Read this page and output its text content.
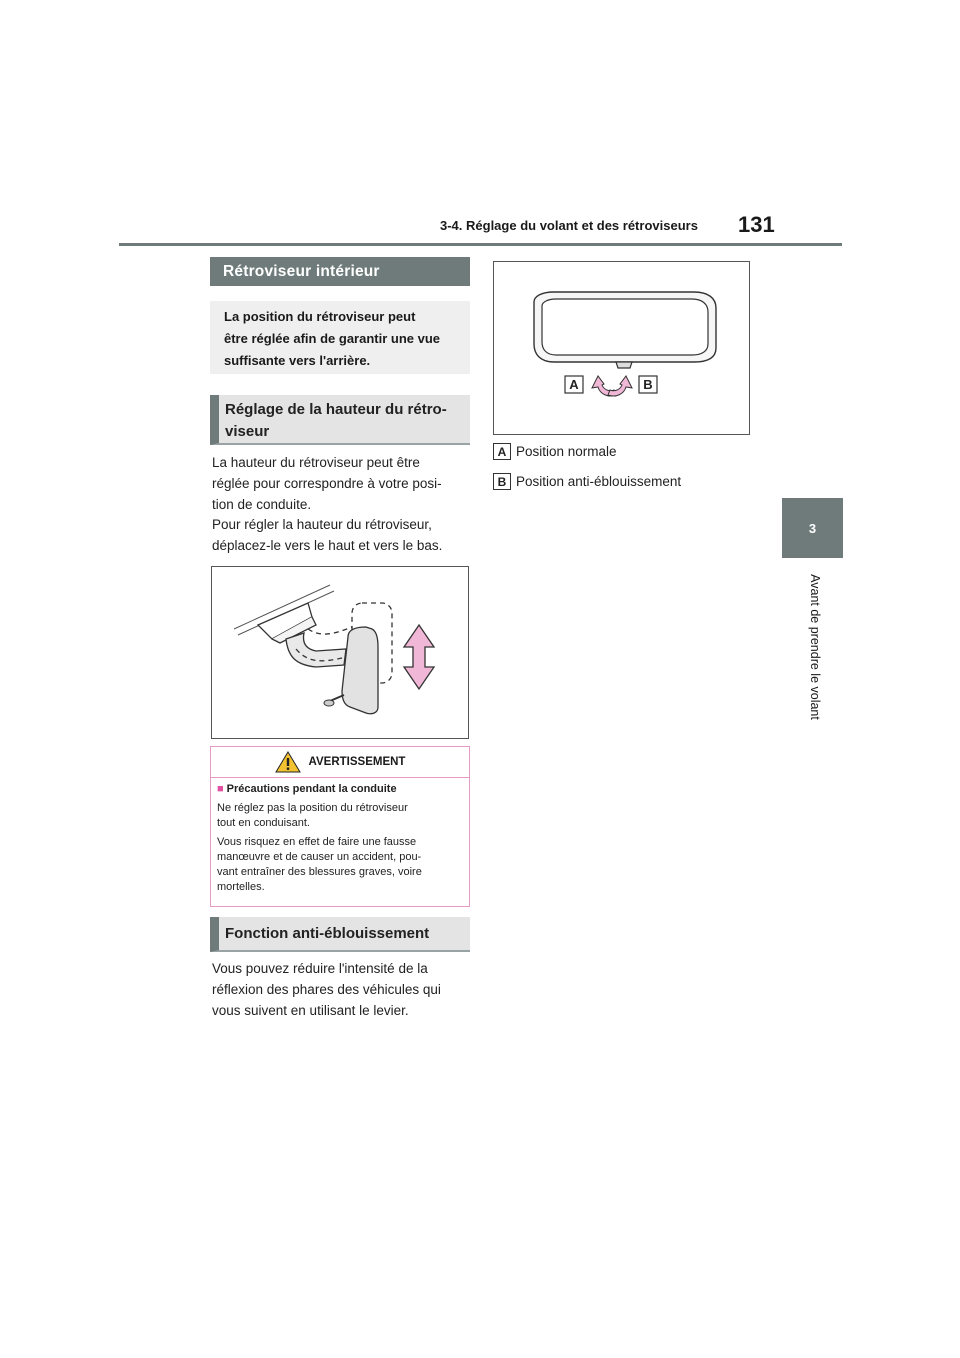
3-4. Réglage du volant et des rétroviseurs 131
3
Avant de prendre le volant
Rétroviseur intérieur
La position du rétroviseur peut
être réglée afin de garantir une vue
suffisante vers l'arrière.
Réglage de la hauteur du rétro-
viseur
La hauteur du rétroviseur peut être
réglée pour correspondre à votre posi-
tion de conduite.
Pour régler la hauteur du rétroviseur,
déplacez-le vers le haut et vers le bas.
AVERTISSEMENT

■ Précautions pendant la conduite

Ne réglez pas la position du rétroviseur
tout en conduisant.

Vous risquez en effet de faire une fausse
manœuvre et de causer un accident, pou-
vant entraîner des blessures graves, voire
mortelles.

Fonction anti-éblouissement
Vous pouvez réduire l'intensité de la
réflexion des phares des véhicules qui
vous suivent en utilisant le levier.
A	B
A Position normale
B Position anti-éblouissement
